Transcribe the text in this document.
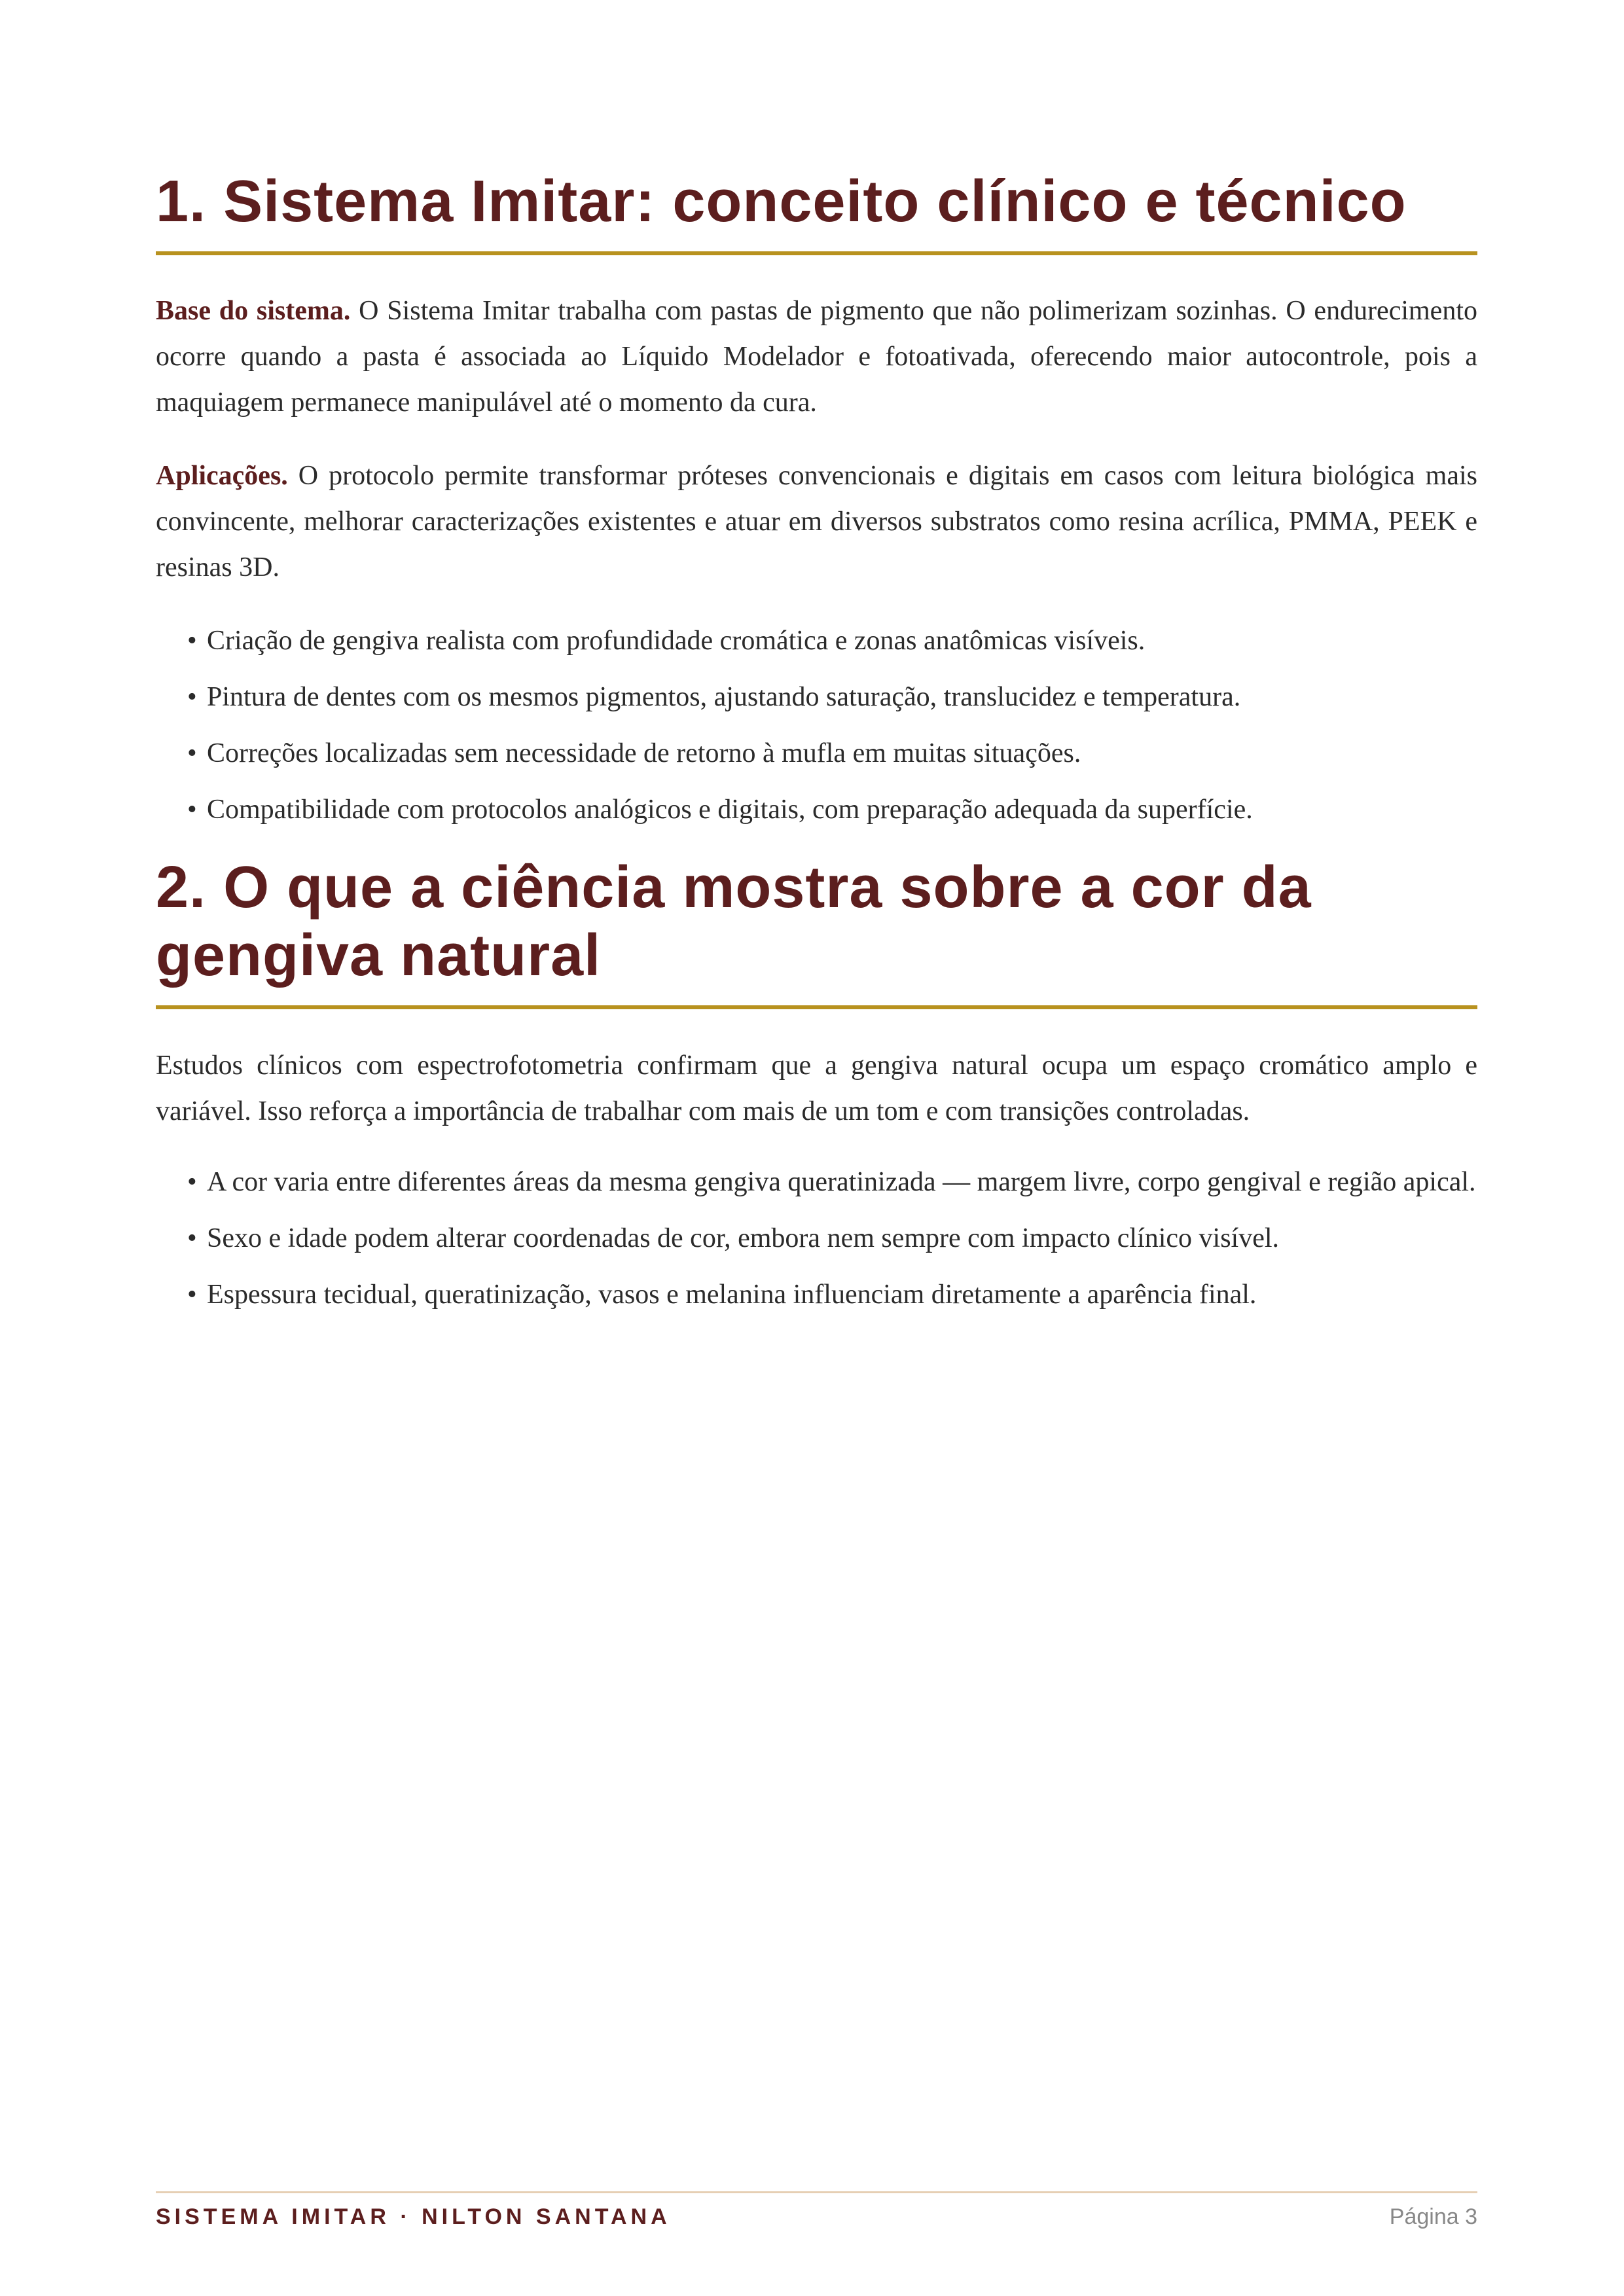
1. Sistema Imitar: conceito clínico e técnico

Base do sistema. O Sistema Imitar trabalha com pastas de pigmento que não polimerizam sozinhas. O endurecimento ocorre quando a pasta é associada ao Líquido Modelador e fotoativada, oferecendo maior autocontrole, pois a maquiagem permanece manipulável até o momento da cura.

Aplicações. O protocolo permite transformar próteses convencionais e digitais em casos com leitura biológica mais convincente, melhorar caracterizações existentes e atuar em diversos substratos como resina acrílica, PMMA, PEEK e resinas 3D.

• Criação de gengiva realista com profundidade cromática e zonas anatômicas visíveis.
• Pintura de dentes com os mesmos pigmentos, ajustando saturação, translucidez e temperatura.
• Correções localizadas sem necessidade de retorno à mufla em muitas situações.
• Compatibilidade com protocolos analógicos e digitais, com preparação adequada da superfície.
2. O que a ciência mostra sobre a cor da gengiva natural

Estudos clínicos com espectrofotometria confirmam que a gengiva natural ocupa um espaço cromático amplo e variável. Isso reforça a importância de trabalhar com mais de um tom e com transições controladas.

• A cor varia entre diferentes áreas da mesma gengiva queratinizada — margem livre, corpo gengival e região apical.
• Sexo e idade podem alterar coordenadas de cor, embora nem sempre com impacto clínico visível.
• Espessura tecidual, queratinização, vasos e melanina influenciam diretamente a aparência final.
SISTEMA IMITAR · NILTON SANTANA	Página 3
